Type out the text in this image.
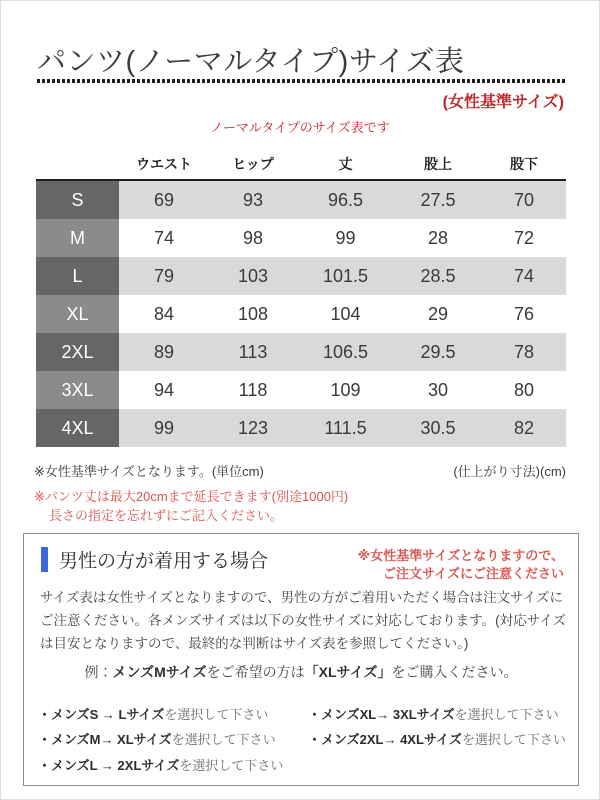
パンツ(ノーマルタイプ)サイズ表
(女性基準サイズ)
ノーマルタイプのサイズ表です
	ウエスト	ヒップ	丈	股上	股下
S	69	93	96.5	27.5	70
M	74	98	99	28	72
L	79	103	101.5	28.5	74
XL	84	108	104	29	76
2XL	89	113	106.5	29.5	78
3XL	94	118	109	30	80
4XL	99	123	111.5	30.5	82
※女性基準サイズとなります。(単位cm)	(仕上がり寸法)(cm)
※パンツ丈は最大20cmまで延長できます(別途1000円)
長さの指定を忘れずにご記入ください。
男性の方が着用する場合	※女性基準サイズとなりますので、
ご注文サイズにご注意ください
サイズ表は女性サイズとなりますので、男性の方がご着用いただく場合は注文サイズにご注意ください。各メンズサイズは以下の女性サイズに対応しております。(対応サイズは目安となりますので、最終的な判断はサイズ表を参照してください。)
例：メンズMサイズをご希望の方は「XLサイズ」をご購入ください。
・メンズS → Lサイズを選択して下さい	・メンズXL→ 3XLサイズを選択して下さい
・メンズM→ XLサイズを選択して下さい	・メンズ2XL→ 4XLサイズを選択して下さい
・メンズL → 2XLサイズを選択して下さい
